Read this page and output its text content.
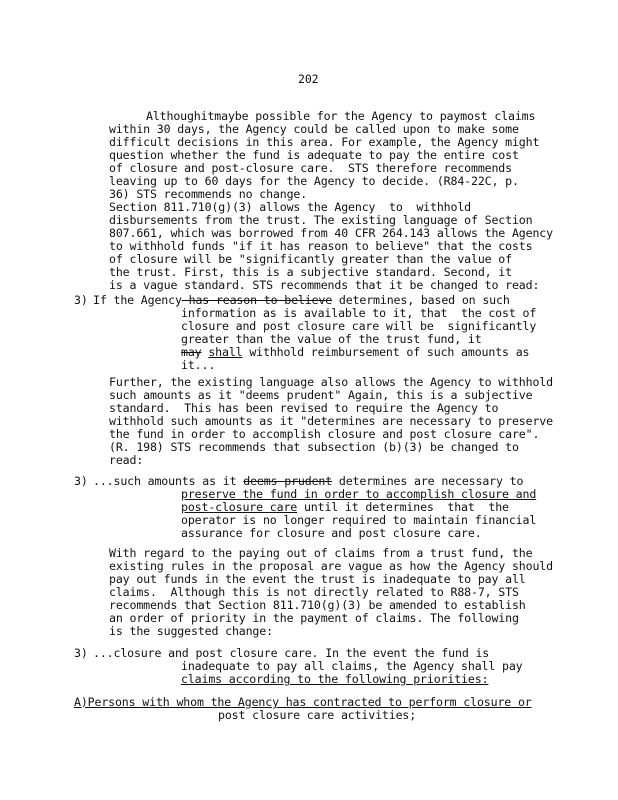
202
Althoughitmaybe possible for the Agency to paymost claims
within 30 days, the Agency could be called upon to make some
difficult decisions in this area. For example, the Agency might
question whether the fund is adequate to pay the entire cost
of closure and post-closure care.  STS therefore recommends
leaving up to 60 days for the Agency to decide. (R84-22C, p.
36) STS recommends no change.
Section 811.710(g)(3) allows the Agency  to  withhold
disbursements from the trust. The existing language of Section
807.661, which was borrowed from 40 CFR 264.143 allows the Agency
to withhold funds "if it has reason to believe" that the costs
of closure will be "significantly greater than the value of
the trust. First, this is a subjective standard. Second, it
is a vague standard. STS recommends that it be changed to read:
3) If the Agency has reason to believe determines, based on such
information as is available to it, that  the cost of
closure and post closure care will be  significantly
greater than the value of the trust fund, it
may shall withhold reimbursement of such amounts as
it...
Further, the existing language also allows the Agency to withhold
such amounts as it "deems prudent" Again, this is a subjective
standard.  This has been revised to require the Agency to
withhold such amounts as it "determines are necessary to preserve
the fund in order to accomplish closure and post closure care".
(R. 198) STS recommends that subsection (b)(3) be changed to
read:
3) ...such amounts as it deems prudent determines are necessary to
preserve the fund in order to accomplish closure and
post-closure care until it determines  that  the
operator is no longer required to maintain financial
assurance for closure and post closure care.
With regard to the paying out of claims from a trust fund, the
existing rules in the proposal are vague as how the Agency should
pay out funds in the event the trust is inadequate to pay all
claims.  Although this is not directly related to R88-7, STS
recommends that Section 811.710(g)(3) be amended to establish
an order of priority in the payment of claims. The following
is the suggested change:
3) ...closure and post closure care. In the event the fund is
inadequate to pay all claims, the Agency shall pay
claims according to the following priorities:
A)Persons with whom the Agency has contracted to perform closure or
post closure care activities;
